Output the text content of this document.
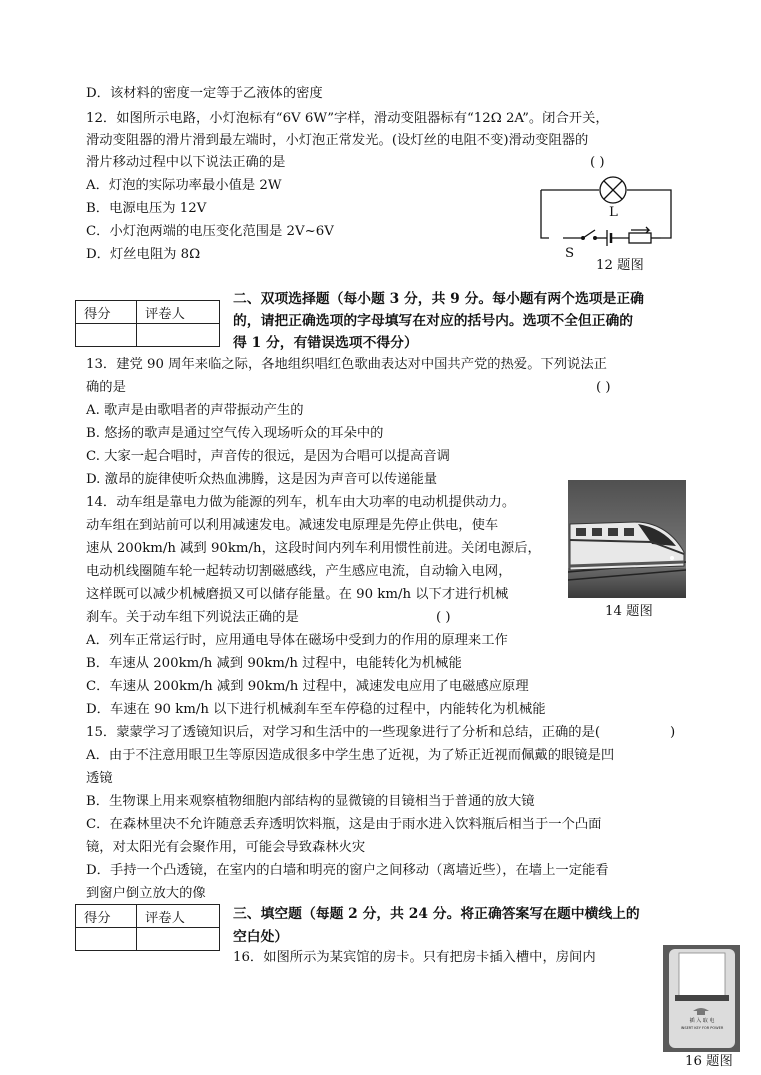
D．该材料的密度一定等于乙液体的密度
12．如图所示电路，小灯泡标有“6V 6W”字样，滑动变阻器标有“12Ω 2A”。闭合开关，
滑动变阻器的滑片滑到最左端时，小灯泡正常发光。(设灯丝的电阻不变)滑动变阻器的
滑片移动过程中以下说法正确的是	( )
A．灯泡的实际功率最小值是 2W
B．电源电压为 12V
C．小灯泡两端的电压变化范围是 2V~6V
D．灯丝电阻为 8Ω
L
S
12 题图
得分	评卷人

二、双项选择题（每小题 3 分，共 9 分。每小题有两个选项是正确
的，请把正确选项的字母填写在对应的括号内。选项不全但正确的
得 1 分，有错误选项不得分）
13．建党 90 周年来临之际，各地组织唱红色歌曲表达对中国共产党的热爱。下列说法正
确的是	( )
A. 歌声是由歌唱者的声带振动产生的
B. 悠扬的歌声是通过空气传入现场听众的耳朵中的
C. 大家一起合唱时，声音传的很远，是因为合唱可以提高音调
D. 激昂的旋律使听众热血沸腾，这是因为声音可以传递能量
14．动车组是靠电力做为能源的列车，机车由大功率的电动机提供动力。
动车组在到站前可以利用减速发电。减速发电原理是先停止供电，使车
速从 200km/h 减到 90km/h，这段时间内列车利用惯性前进。关闭电源后，
电动机线圈随车轮一起转动切割磁感线，产生感应电流，自动输入电网，
这样既可以减少机械磨损又可以储存能量。在 90 km/h 以下才进行机械
刹车。关于动车组下列说法正确的是	( )
A．列车正常运行时，应用通电导体在磁场中受到力的作用的原理来工作
B．车速从 200km/h 减到 90km/h 过程中，电能转化为机械能
C．车速从 200km/h 减到 90km/h 过程中，减速发电应用了电磁感应原理
D．车速在 90 km/h 以下进行机械刹车至车停稳的过程中，内能转化为机械能
14 题图
15．蒙蒙学习了透镜知识后，对学习和生活中的一些现象进行了分析和总结，正确的是(	)
A．由于不注意用眼卫生等原因造成很多中学生患了近视，为了矫正近视而佩戴的眼镜是凹
透镜
B．生物课上用来观察植物细胞内部结构的显微镜的目镜相当于普通的放大镜
C．在森林里决不允许随意丢弃透明饮料瓶，这是由于雨水进入饮料瓶后相当于一个凸面
镜，对太阳光有会聚作用，可能会导致森林火灾
D．手持一个凸透镜，在室内的白墙和明亮的窗户之间移动（离墙近些），在墙上一定能看
到窗户倒立放大的像
得分	评卷人
		三、填空题（每题 2 分，共 24 分。将正确答案写在题中横线上的
空白处）
16．如图所示为某宾馆的房卡。只有把房卡插入槽中，房间内
插 入 取 电
INSERT KEY FOR POWER
16 题图
